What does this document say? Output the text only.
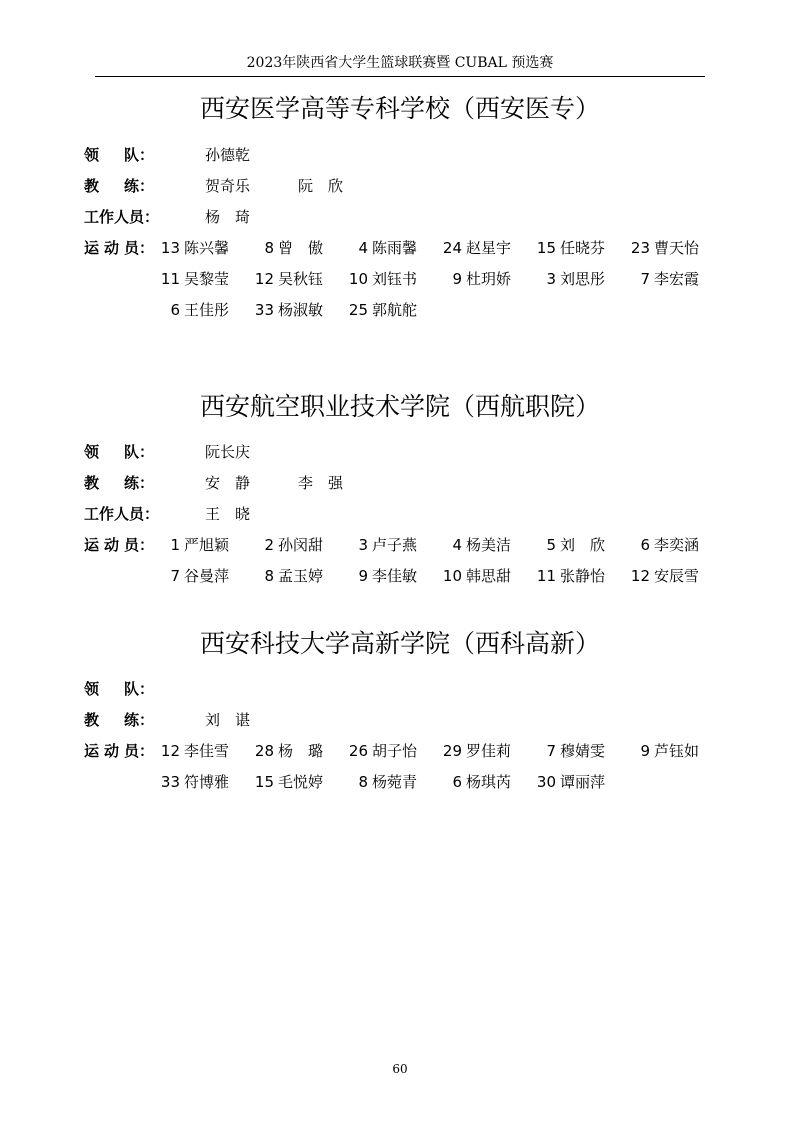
2023年陕西省大学生篮球联赛暨 CUBAL 预选赛
西安医学高等专科学校（西安医专）
领 队：	孙德乾
教 练：	贺奇乐	阮　欣
工作人员：	杨　琦
运 动 员： 13 陈兴馨	8 曾　傲	4 陈雨馨	24 赵星宇	15 任晓芬	23 曹天怡
11 吴黎莹	12 吴秋钰	10 刘钰书	9 杜玥娇	3 刘思彤	7 李宏霞
6 王佳彤	33 杨淑敏	25 郭航舵
西安航空职业技术学院（西航职院）
领 队：	阮长庆
教 练：	安　静	李　强
工作人员：	王　晓
运 动 员：	1 严旭颖	2 孙闵甜	3 卢子燕	4 杨美洁	5 刘　欣	6 李奕涵
7 谷曼萍	8 孟玉婷	9 李佳敏	10 韩思甜	11 张静怡	12 安辰雪
西安科技大学高新学院（西科高新）
领 队：
教 练：	刘　谌
运 动 员： 12 李佳雪	28 杨　璐	26 胡子怡	29 罗佳莉	7 穆婧雯	9 芦钰如
33 符博雅	15 毛悦婷	8 杨菀青	6 杨琪芮	30 谭丽萍
60
